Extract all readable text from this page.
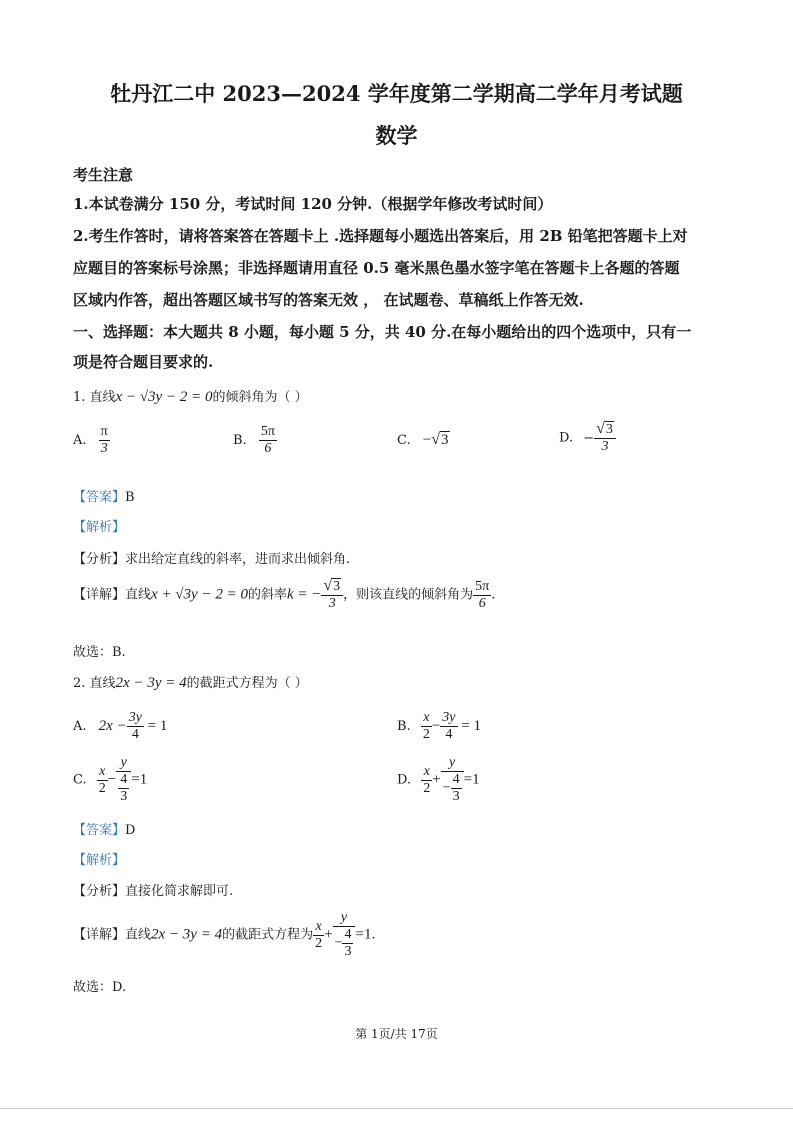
牡丹江二中 2023—2024 学年度第二学期高二学年月考试题
数学
考生注意
1.本试卷满分 150 分，考试时间 120 分钟.（根据学年修改考试时间）
2.考生作答时，请将答案答在答题卡上 .选择题每小题选出答案后，用 2B 铅笔把答题卡上对
应题目的答案标号涂黑；非选择题请用直径 0.5 毫米黑色墨水签字笔在答题卡上各题的答题
区域内作答，超出答题区域书写的答案无效 ， 在试题卷、草稿纸上作答无效.
一、选择题：本大题共 8 小题，每小题 5 分，共 40 分.在每小题给出的四个选项中，只有一
项是符合题目要求的.
1. 直线x − √3y − 2 = 0的倾斜角为（ ）
A. $\frac{\pi}{3}$	B. $\frac{5\pi}{6}$	C. −√3	D. − $\frac{√3}{3}$
【答案】B
【解析】
【分析】求出给定直线的斜率，进而求出倾斜角.
【详解】直线x + √3y − 2 = 0的斜率k = − $\frac{√3}{3}$ ，则该直线的倾斜角为 $\frac{5\pi}{6}$ .
故选：B.
2. 直线2x − 3y = 4的截距式方程为（ ）
A. $2x - \frac{3y}{4} = 1$	B. $\frac{x}{2} - \frac{3y}{4} = 1$
C. $\frac{x}{2} - \frac{y}{\frac{4}{3}} =1$	D. $\frac{x}{2} + \frac{y}{- \frac{4}{3}} =1$
【答案】D
【解析】
【分析】直接化简求解即可.
【详解】直线2x − 3y = 4的截距式方程为 $\frac{x}{2} + \frac{y}{- \frac{4}{3}} =1$.
故选：D.
第 1页/共 17页
